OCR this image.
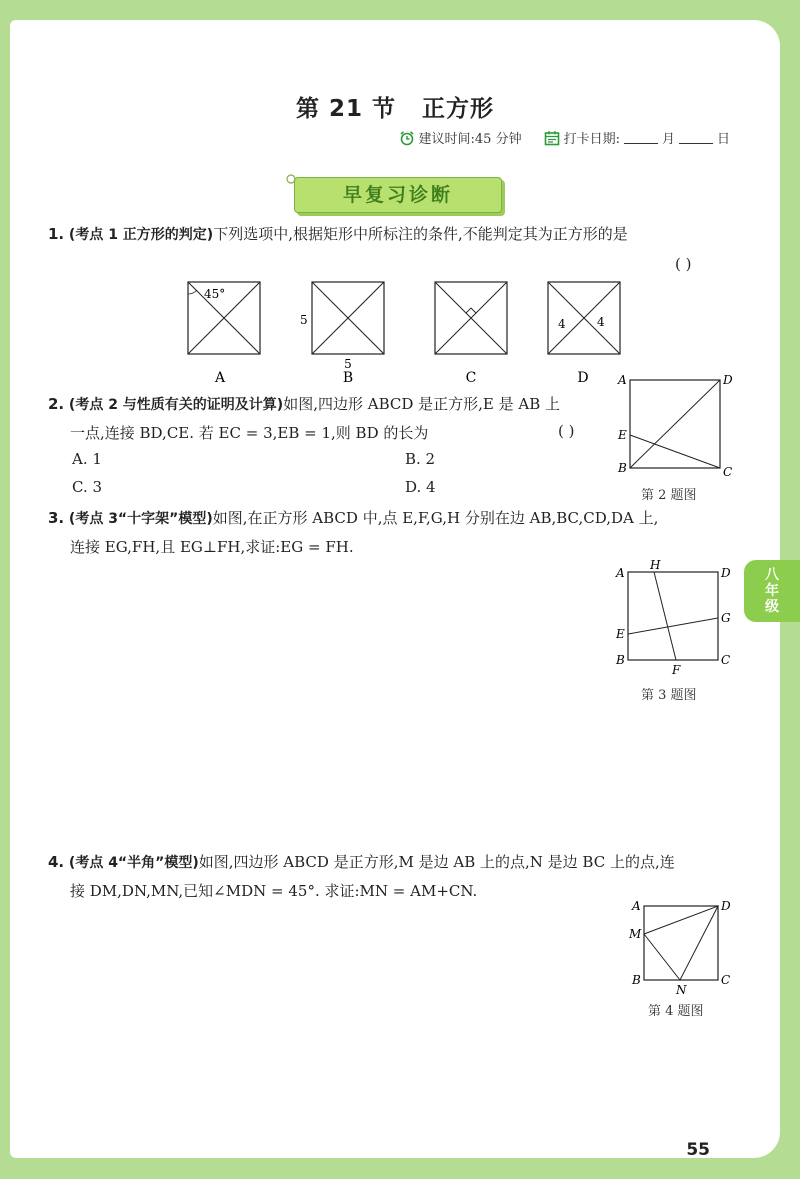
第 21 节 正方形
建议时间:45 分钟	打卡日期:	月	日
早复习诊断
1. (考点 1 正方形的判定)下列选项中,根据矩形中所标注的条件,不能判定其为正方形的是
( )
45°
A
5
5
B	C
4	4
D
2. (考点 2 与性质有关的证明及计算)如图,四边形 ABCD 是正方形,E 是 AB 上
一点,连接 BD,CE. 若 EC = 3,EB = 1,则 BD 的长为	( )
A. 1	B. 2
C. 3	D. 4
A	D
E
B	C
第 2 题图
3. (考点 3“十字架”模型)如图,在正方形 ABCD 中,点 E,F,G,H 分别在边 AB,BC,CD,DA 上,
连接 EG,FH,且 EG⊥FH,求证:EG = FH.
A
H
D
G
E
B
F
C
第 3 题图
4. (考点 4“半角”模型)如图,四边形 ABCD 是正方形,M 是边 AB 上的点,N 是边 BC 上的点,连
接 DM,DN,MN,已知∠MDN = 45°. 求证:MN = AM+CN.
A	D
M
B
N
C
第 4 题图
55
八
年
级
